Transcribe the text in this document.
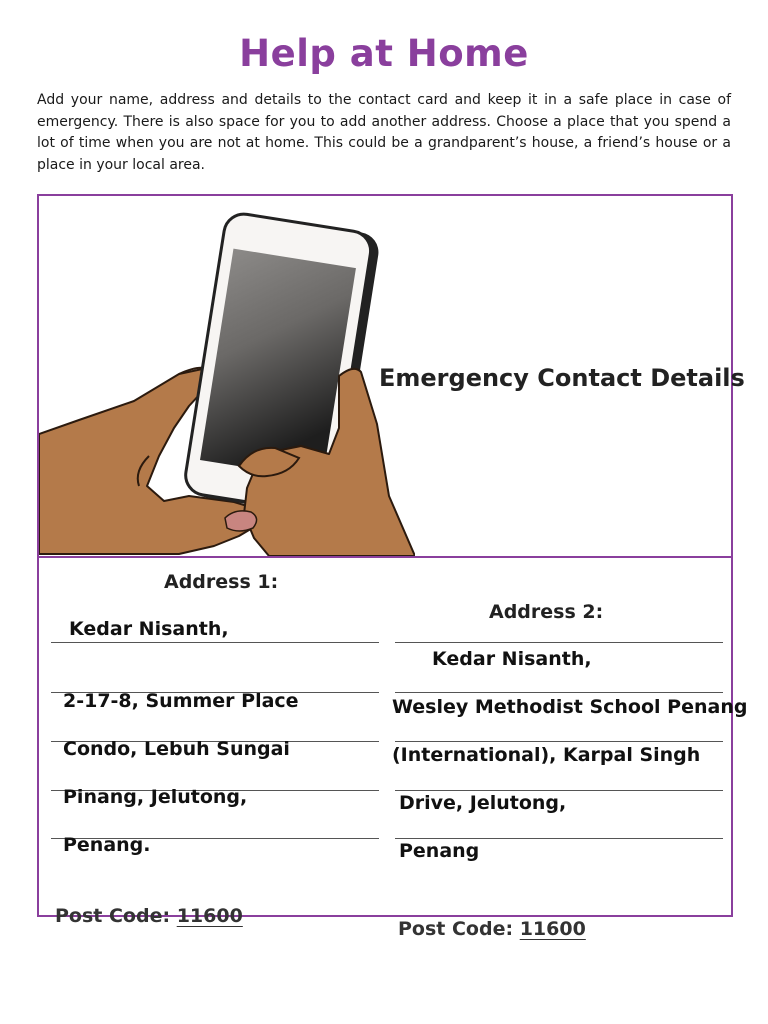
Help at Home
Add your name, address and details to the contact card and keep it in a safe place in case of emergency. There is also space for you to add another address. Choose a place that you spend a lot of time when you are not at home. This could be a grandparent’s house, a friend’s house or a place in your local area.
Emergency Contact Details
Address 1:
Kedar Nisanth,
2-17-8, Summer Place
Condo, Lebuh Sungai
Pinang, Jelutong,
Penang.
Post Code: 11600
Address 2:
Kedar Nisanth,
Wesley Methodist School Penang
(International), Karpal Singh
Drive, Jelutong,
Penang
Post Code: 11600
